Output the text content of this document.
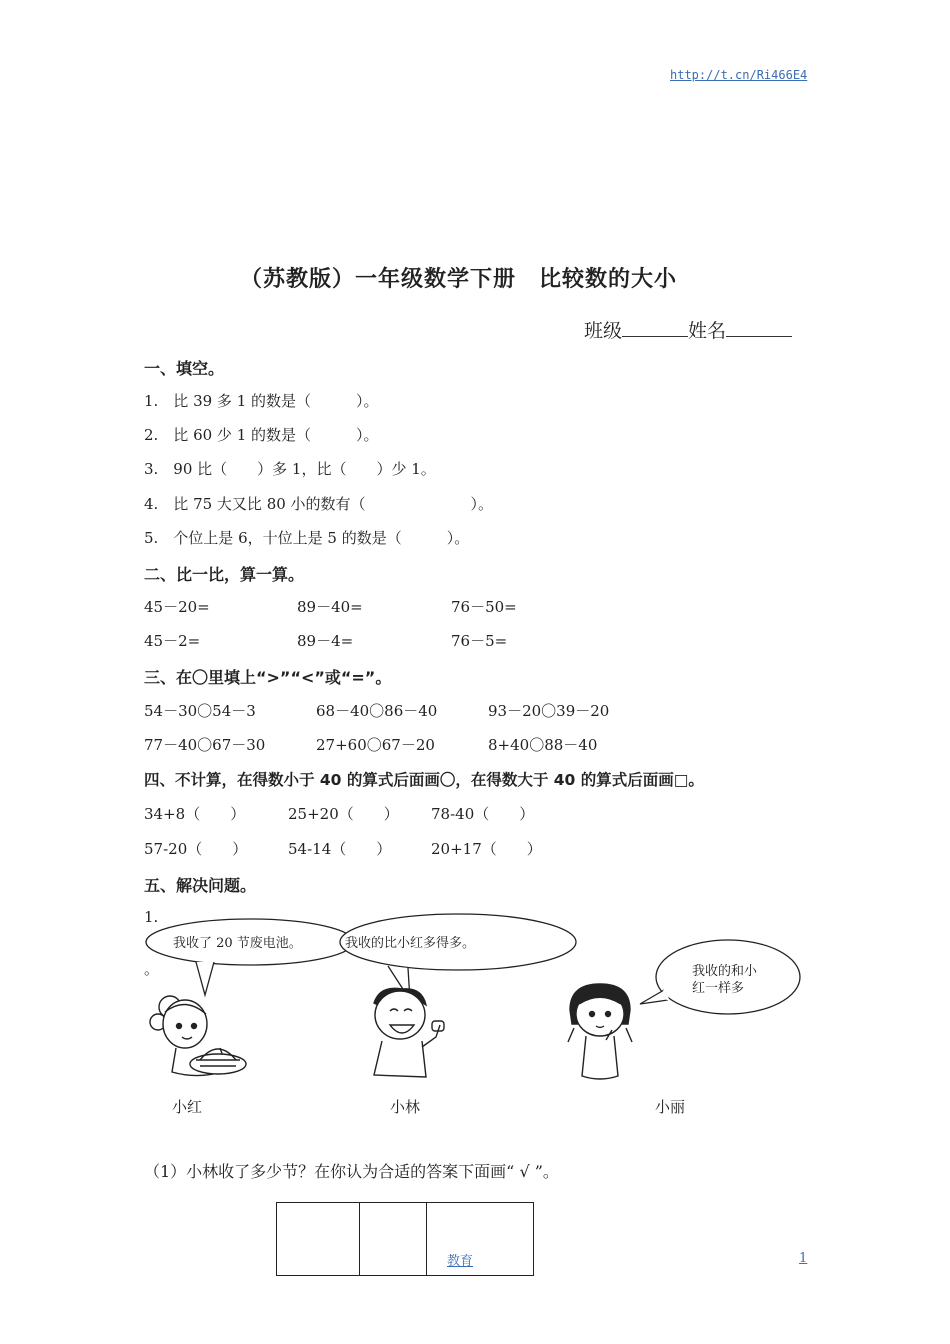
http://t.cn/Ri466E4
（苏教版）一年级数学下册　比较数的大小
班级	姓名
一、填空。
1.　比 39 多 1 的数是（　　　）。
2.　比 60 少 1 的数是（　　　）。
3.　90 比（　　）多 1，比（　　）少 1。
4.　比 75 大又比 80 小的数有（　　　　　　　）。
5.　个位上是 6，十位上是 5 的数是（　　　）。
二、比一比，算一算。
45－20=	89－40=	76－50=
45－2=	89－4=	76－5=
三、在〇里填上“>”“<”或“=”。
54－30〇54－3	68－40〇86－40	93－20〇39－20
77－40〇67－30	27+60〇67－20	8+40〇88－40
四、不计算，在得数小于 40 的算式后面画〇，在得数大于 40 的算式后面画□。
34+8（　　）	25+20（　　） 78-40（　　）
57-20（　　）	54-14（　　）	20+17（　　）
五、解决问题。
1.
。
我收了 20 节废电池。	我收的比小红多得多。
我收的和小
红一样多
小红	小林	小丽
（1）小林收了多少节？在你认为合适的答案下面画“ √ ”。
教育	1
